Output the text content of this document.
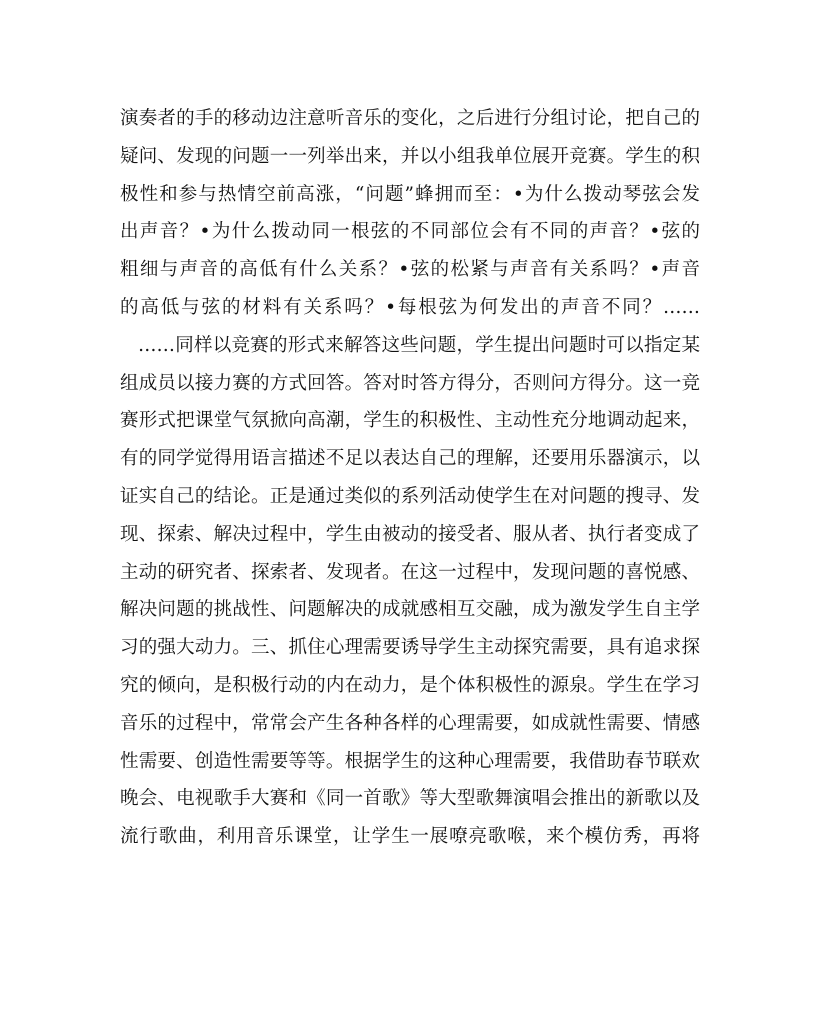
演奏者的手的移动边注意听音乐的变化，之后进行分组讨论，把自己的
疑问、发现的问题一一列举出来，并以小组我单位展开竞赛。学生的积
极性和参与热情空前高涨，“问题”蜂拥而至：•为什么拨动琴弦会发
出声音？•为什么拨动同一根弦的不同部位会有不同的声音？•弦的
粗细与声音的高低有什么关系？•弦的松紧与声音有关系吗？•声音
的高低与弦的材料有关系吗？•每根弦为何发出的声音不同？……
……同样以竞赛的形式来解答这些问题，学生提出问题时可以指定某
组成员以接力赛的方式回答。答对时答方得分，否则问方得分。这一竞
赛形式把课堂气氛掀向高潮，学生的积极性、主动性充分地调动起来，
有的同学觉得用语言描述不足以表达自己的理解，还要用乐器演示，以
证实自己的结论。正是通过类似的系列活动使学生在对问题的搜寻、发
现、探索、解决过程中，学生由被动的接受者、服从者、执行者变成了
主动的研究者、探索者、发现者。在这一过程中，发现问题的喜悦感、
解决问题的挑战性、问题解决的成就感相互交融，成为激发学生自主学
习的强大动力。三、抓住心理需要诱导学生主动探究需要，具有追求探
究的倾向，是积极行动的内在动力，是个体积极性的源泉。学生在学习
音乐的过程中，常常会产生各种各样的心理需要，如成就性需要、情感
性需要、创造性需要等等。根据学生的这种心理需要，我借助春节联欢
晚会、电视歌手大赛和《同一首歌》等大型歌舞演唱会推出的新歌以及
流行歌曲，利用音乐课堂，让学生一展嘹亮歌喉，来个模仿秀，再将
